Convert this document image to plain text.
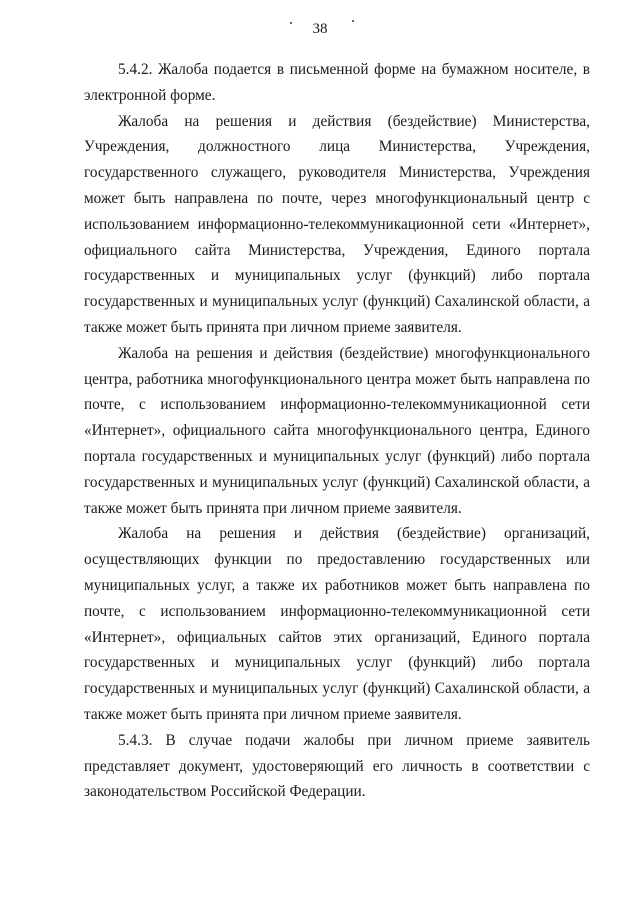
38

5.4.2. Жалоба подается в письменной форме на бумажном носителе, в электронной форме.

Жалоба на решения и действия (бездействие) Министерства, Учреждения, должностного лица Министерства, Учреждения, государственного служащего, руководителя Министерства, Учреждения может быть направлена по почте, через многофункциональный центр с использованием информационно-телекоммуникационной сети «Интернет», официального сайта Министерства, Учреждения, Единого портала государственных и муниципальных услуг (функций) либо портала государственных и муниципальных услуг (функций) Сахалинской области, а также может быть принята при личном приеме заявителя.

Жалоба на решения и действия (бездействие) многофункционального центра, работника многофункционального центра может быть направлена по почте, с использованием информационно-телекоммуникационной сети «Интернет», официального сайта многофункционального центра, Единого портала государственных и муниципальных услуг (функций) либо портала государственных и муниципальных услуг (функций) Сахалинской области, а также может быть принята при личном приеме заявителя.

Жалоба на решения и действия (бездействие) организаций, осуществляющих функции по предоставлению государственных или муниципальных услуг, а также их работников может быть направлена по почте, с использованием информационно-телекоммуникационной сети «Интернет», официальных сайтов этих организаций, Единого портала государственных и муниципальных услуг (функций) либо портала государственных и муниципальных услуг (функций) Сахалинской области, а также может быть принята при личном приеме заявителя.

5.4.3. В случае подачи жалобы при личном приеме заявитель представляет документ, удостоверяющий его личность в соответствии с законодательством Российской Федерации.
